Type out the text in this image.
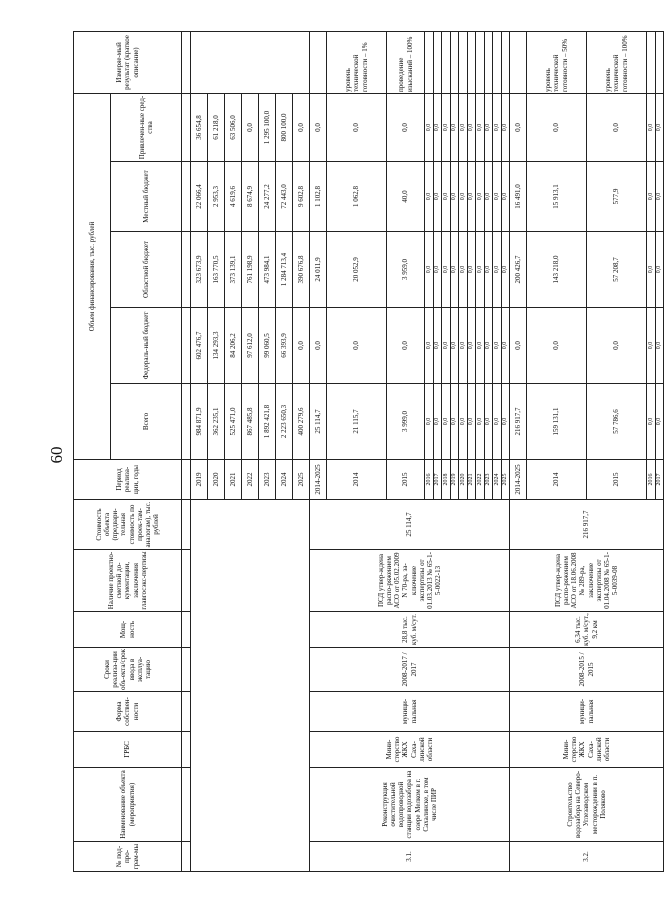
60
№ под-про-грам-мы	Наименование объекта (мероприятия)	ГРБС	Форма собствен-ности	Сроки реализа-ции объ-екта/срок ввода в эксплуа-тацию	Мощ-ность	Наличие проектно-сметной до-кументации, заключения главгосэкс-пертизы	Стоимость объекта (предвари-тельная стоимость по проек-там-аналогам), тыс. рублей	Период реализа-ции, годы	Объем финансирования, тыс. рублей					Измеряе-мый результат (краткое описание)
									Всего	Федераль-ный бюджет	Областной бюджет	Местный бюджет	Привлечен-ные сред-ства	

								2019	984 871,9	602 476,7	323 673,9	22 066,4	36 654,8	
								2020	362 235,1	134 293,3	163 770,5	2 953,3	61 218,0	
								2021	525 471,0	84 206,2	373 139,1	4 619,6	63 506,0	
								2022	867 485,8	97 612,0	761 198,9	8 674,9	0,0	
								2023	1 892 421,8	99 060,5	473 984,1	24 277,2	1 295 100,0	
								2024	2 223 650,3	66 393,9	1 284 713,4	72 443,0	800 100,0	
								2025	400 279,6	0,0	390 676,8	9 602,8	0,0	
3.1.	Реконструкция очистительной водопроводной станции водозабора на озере Мелком в г. Сахалинске, в том числе ПИР	Мини-стерство ЖКХ Саха-линской области	муници-пальная	2008-2017 / 2017	28,8 тыс. куб. м/сут.	ПСД утвер-ждена распо-ряжением АСО от 05.02.2009 N 70-ра, за-ключение экспертизы от 01.03.2013 № 65-1-5-0022-13	25 114,7	2014-2025	25 114,7	0,0	24 011,9	1 102,8	0,0	
								2014	21 115,7	0,0	20 052,9	1 062,8	0,0	уровень технической готовности – 1%
								2015	3 999,0	0,0	3 959,0	40,0	0,0	проведение изысканий – 100%
								2016	0,0	0,0	0,0	0,0	0,0	
								2017	0,0	0,0	0,0	0,0	0,0	
								2018	0,0	0,0	0,0	0,0	0,0	
								2019	0,0	0,0	0,0	0,0	0,0	
								2020	0,0	0,0	0,0	0,0	0,0	
								2021	0,0	0,0	0,0	0,0	0,0	
								2022	0,0	0,0	0,0	0,0	0,0	
								2023	0,0	0,0	0,0	0,0	0,0	
								2024	0,0	0,0	0,0	0,0	0,0	
								2025	0,0	0,0	0,0	0,0	0,0	
3.2.	Строительство водозабора на Северо-Углезаводском месторождении в п. Поляково	Мини-стерство ЖКХ Саха-линской области	муници-пальная	2008-2015 / 2015	6,34 тыс. куб. м/сут., 9,2 км	ПСД утвер-ждена распо-ряжением АСО от 18.06.2008 № 289-ра, заключение экспертизы от 01.04.2008 № 65-1-5-0039-08	216 917,7	2014-2025	216 917,7	0,0	200 426,7	16 491,0	0,0	
								2014	159 131,1	0,0	143 218,0	15 913,1	0,0	уровень технической готовности – 50%
								2015	57 786,6	0,0	57 208,7	577,9	0,0	уровень технической готовности – 100%
								2016	0,0	0,0	0,0	0,0	0,0	
								2017	0,0	0,0	0,0	0,0	0,0	
